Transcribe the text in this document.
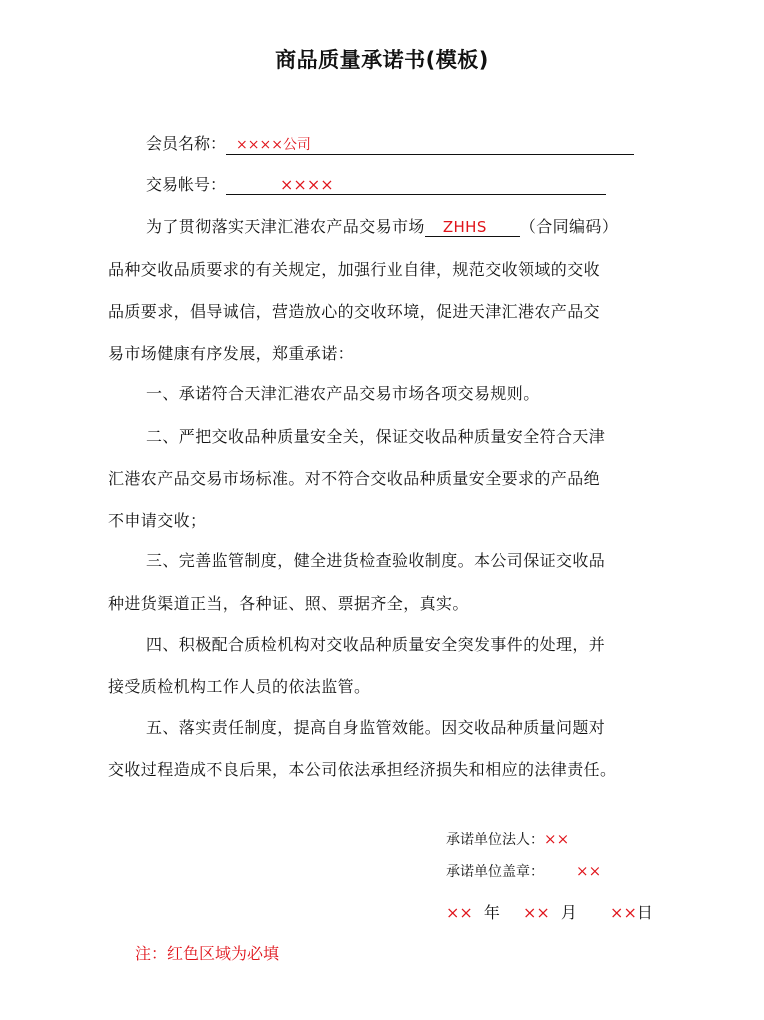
商品质量承诺书(模板)
会员名称： ××××公司
交易帐号：	××××
为了贯彻落实天津汇港农产品交易市场 ZHHS （合同编码）
品种交收品质要求的有关规定，加强行业自律，规范交收领域的交收
品质要求，倡导诚信，营造放心的交收环境，促进天津汇港农产品交
易市场健康有序发展，郑重承诺：
一、承诺符合天津汇港农产品交易市场各项交易规则。
二、严把交收品种质量安全关，保证交收品种质量安全符合天津
汇港农产品交易市场标准。对不符合交收品种质量安全要求的产品绝
不申请交收；
三、完善监管制度，健全进货检查验收制度。本公司保证交收品
种进货渠道正当，各种证、照、票据齐全，真实。
四、积极配合质检机构对交收品种质量安全突发事件的处理，并
接受质检机构工作人员的依法监管。
五、落实责任制度，提高自身监管效能。因交收品种质量问题对
交收过程造成不良后果，本公司依法承担经济损失和相应的法律责任。
承诺单位法人：××
承诺单位盖章： ××
×× 年 ×× 月 ××日
注：红色区域为必填
